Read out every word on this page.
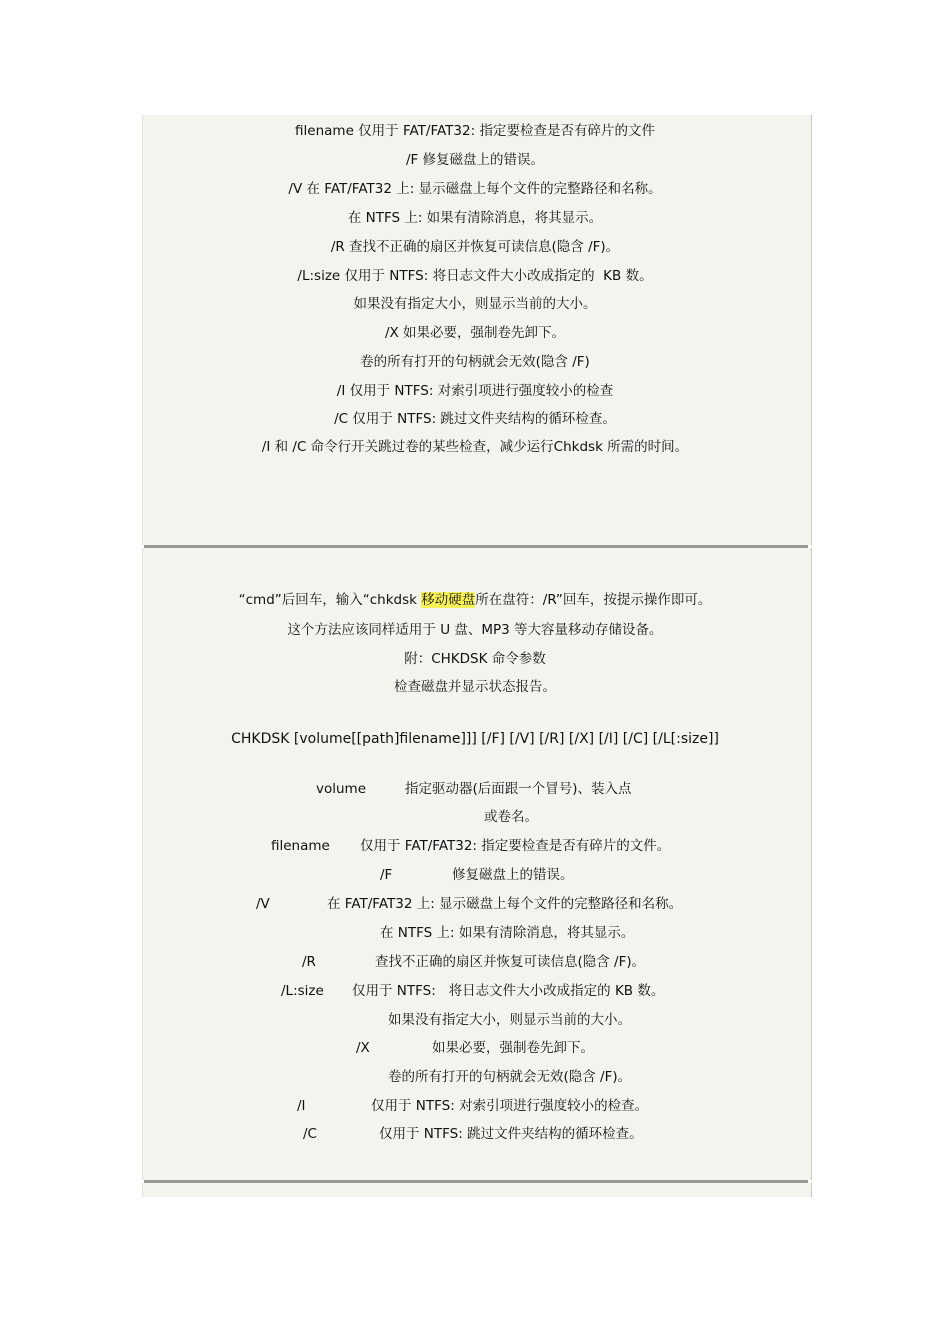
filename 仅用于 FAT/FAT32: 指定要检查是否有碎片的文件
/F 修复磁盘上的错误。
/V 在 FAT/FAT32 上: 显示磁盘上每个文件的完整路径和名称。
在 NTFS 上: 如果有清除消息，将其显示。
/R 查找不正确的扇区并恢复可读信息(隐含 /F)。
/L:size 仅用于 NTFS: 将日志文件大小改成指定的  KB 数。
如果没有指定大小，则显示当前的大小。
/X 如果必要，强制卷先卸下。
卷的所有打开的句柄就会无效(隐含 /F)
/I 仅用于 NTFS: 对索引项进行强度较小的检查
/C 仅用于 NTFS: 跳过文件夹结构的循环检查。
/I 和 /C 命令行开关跳过卷的某些检查，减少运行Chkdsk 所需的时间。
“cmd”后回车，输入“chkdsk 移动硬盘所在盘符：/R”回车，按提示操作即可。
这个方法应该同样适用于 U 盘、MP3 等大容量移动存储设备。
附：CHKDSK 命令参数
检查磁盘并显示状态报告。
CHKDSK [volume[[path]filename]]] [/F] [/V] [/R] [/X] [/I] [/C] [/L[:size]]
volume	指定驱动器(后面跟一个冒号)、装入点
或卷名。
filename 仅用于 FAT/FAT32: 指定要检查是否有碎片的文件。
/F	修复磁盘上的错误。
/V	在 FAT/FAT32 上: 显示磁盘上每个文件的完整路径和名称。
在 NTFS 上: 如果有清除消息，将其显示。
/R	查找不正确的扇区并恢复可读信息(隐含 /F)。
/L:size 仅用于 NTFS:   将日志文件大小改成指定的 KB 数。
如果没有指定大小，则显示当前的大小。
/X	如果必要，强制卷先卸下。
卷的所有打开的句柄就会无效(隐含 /F)。
/I	仅用于 NTFS: 对索引项进行强度较小的检查。
/C	仅用于 NTFS: 跳过文件夹结构的循环检查。
